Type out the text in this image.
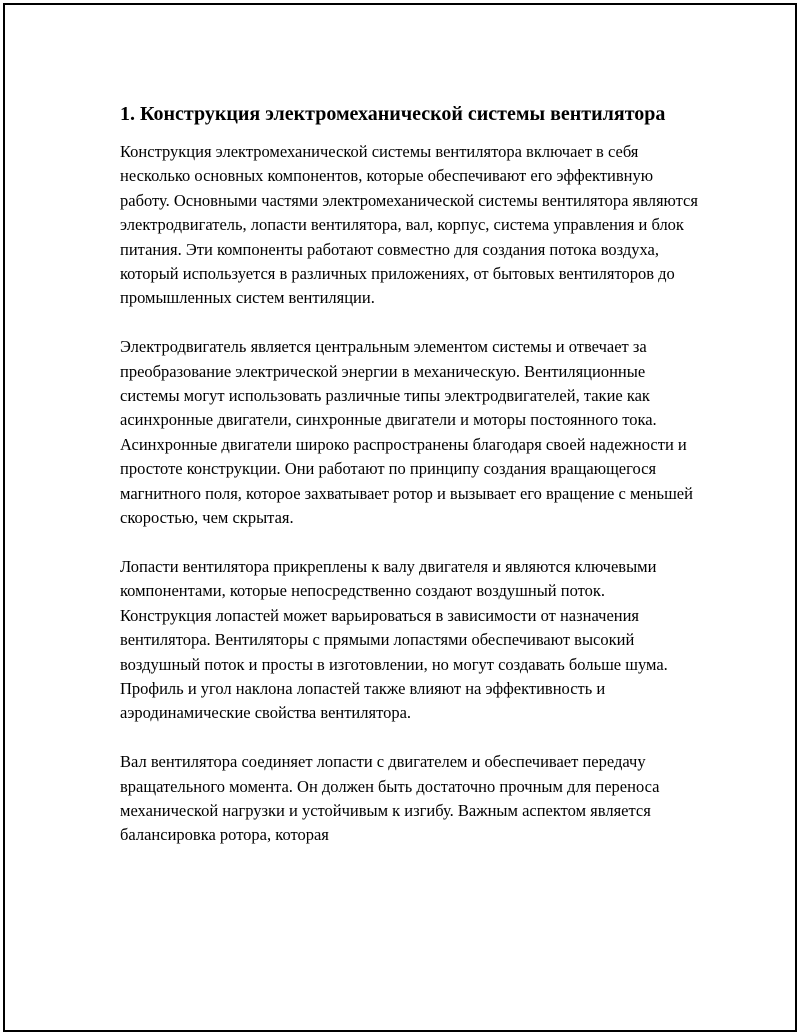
1. Конструкция электромеханической системы вентилятора

Конструкция электромеханической системы вентилятора включает в себя несколько основных компонентов, которые обеспечивают его эффективную работу. Основными частями электромеханической системы вентилятора являются электродвигатель, лопасти вентилятора, вал, корпус, система управления и блок питания. Эти компоненты работают совместно для создания потока воздуха, который используется в различных приложениях, от бытовых вентиляторов до промышленных систем вентиляции.

Электродвигатель является центральным элементом системы и отвечает за преобразование электрической энергии в механическую. Вентиляционные системы могут использовать различные типы электродвигателей, такие как асинхронные двигатели, синхронные двигатели и моторы постоянного тока. Асинхронные двигатели широко распространены благодаря своей надежности и простоте конструкции. Они работают по принципу создания вращающегося магнитного поля, которое захватывает ротор и вызывает его вращение с меньшей скоростью, чем скрытая.

Лопасти вентилятора прикреплены к валу двигателя и являются ключевыми компонентами, которые непосредственно создают воздушный поток. Конструкция лопастей может варьироваться в зависимости от назначения вентилятора. Вентиляторы с прямыми лопастями обеспечивают высокий воздушный поток и просты в изготовлении, но могут создавать больше шума. Профиль и угол наклона лопастей также влияют на эффективность и аэродинамические свойства вентилятора.

Вал вентилятора соединяет лопасти с двигателем и обеспечивает передачу вращательного момента. Он должен быть достаточно прочным для переноса механической нагрузки и устойчивым к изгибу. Важным аспектом является балансировка ротора, которая
